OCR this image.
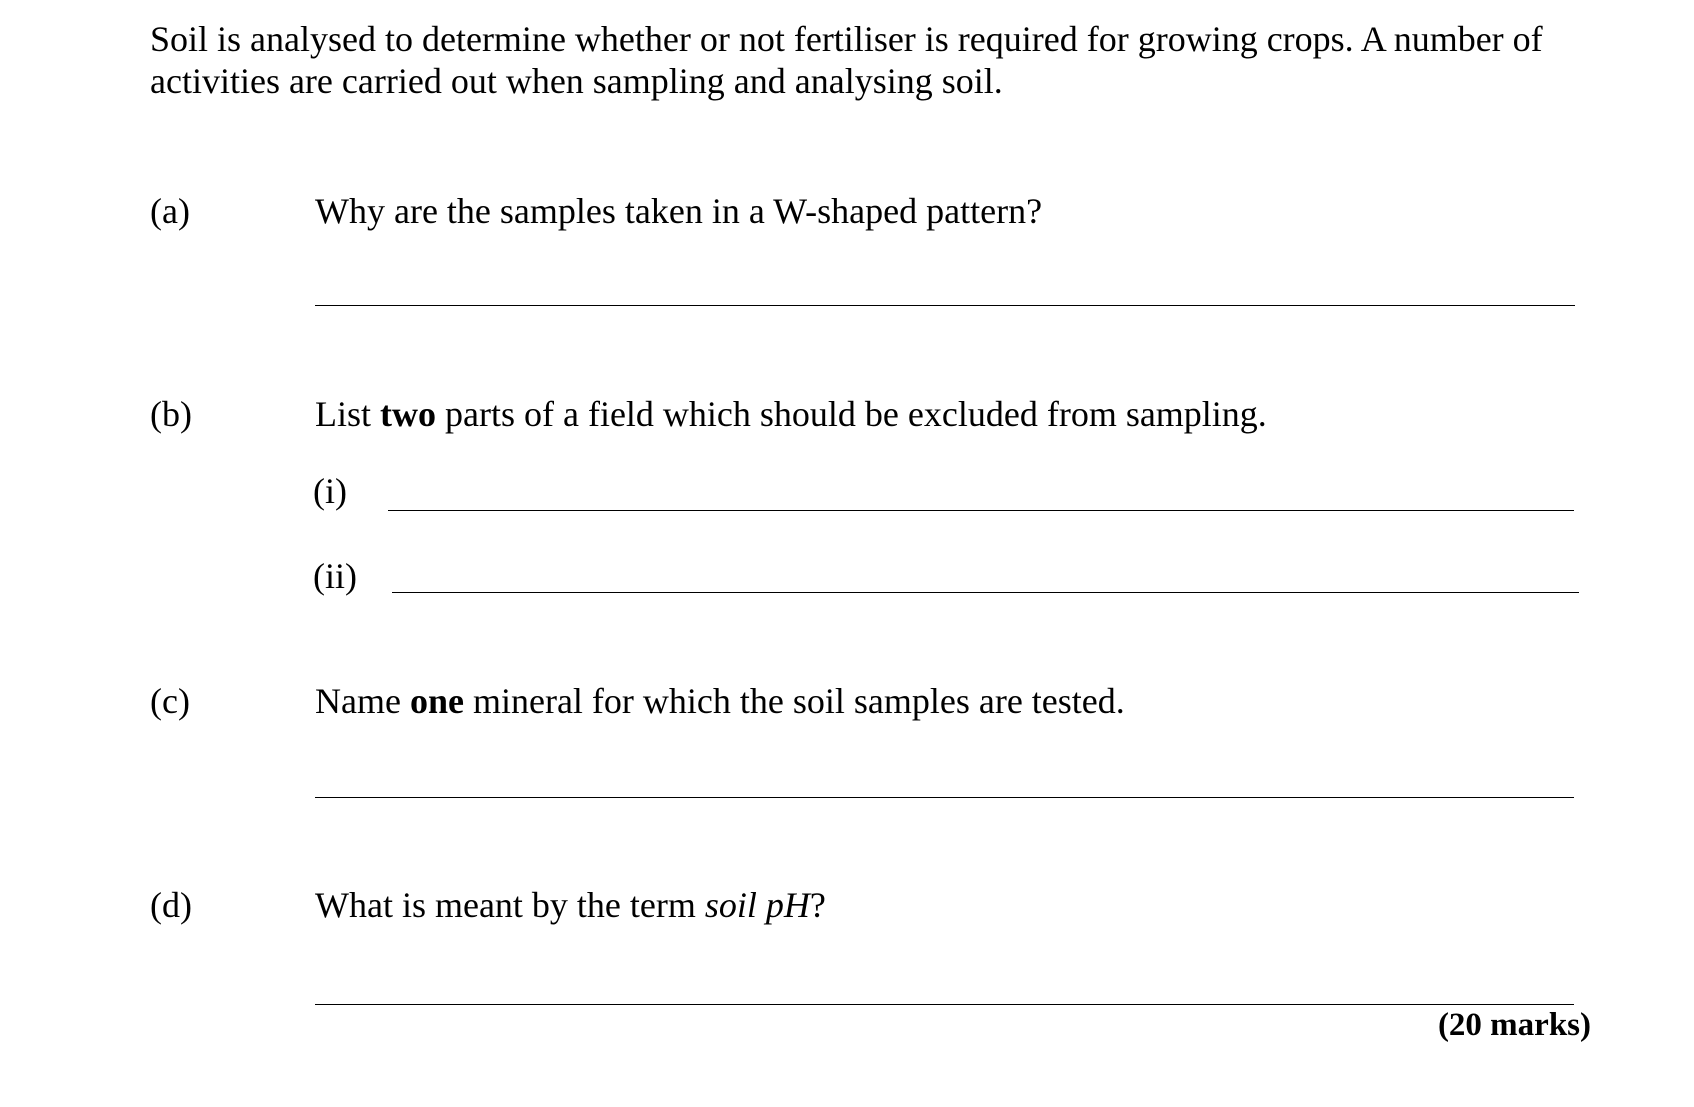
Soil is analysed to determine whether or not fertiliser is required for growing crops. A number of activities are carried out when sampling and analysing soil.

(a)	Why are the samples taken in a W-shaped pattern?
(b)	List two parts of a field which should be excluded from sampling.
(i)
(ii)
(c)	Name one mineral for which the soil samples are tested.
(d)	What is meant by the term soil pH?
(20 marks)
